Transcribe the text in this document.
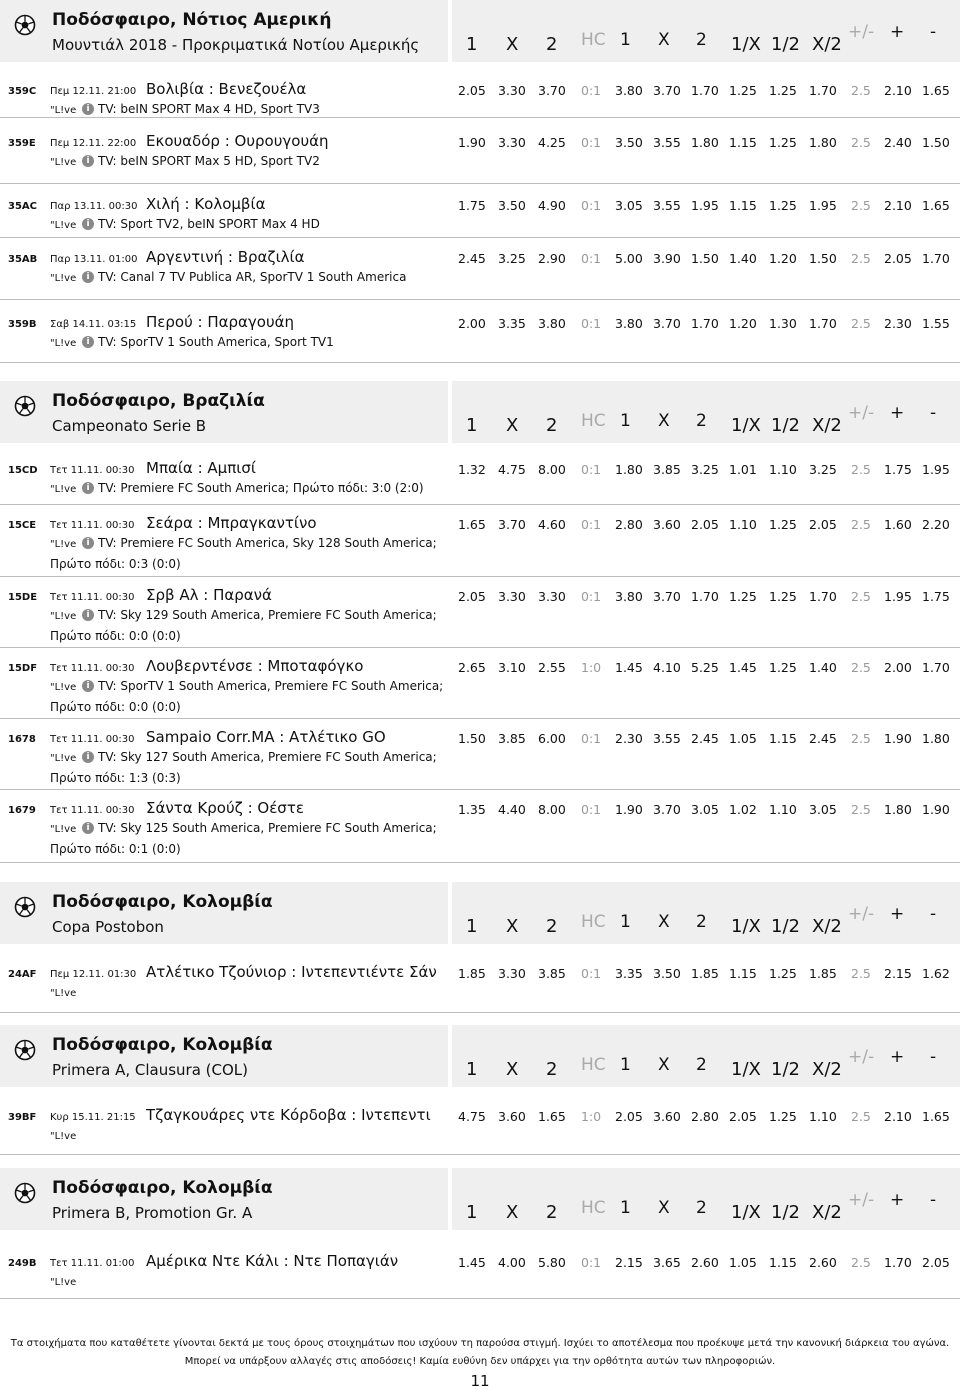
Ποδόσφαιρο, Νότιος Αμερική
Μουντιάλ 2018 - Προκριματικά Νοτίου Αμερικής	1 X 2 HC 1 X 2 1/X 1/2 X/2
+/- + -
359C Πεμ 12.11. 21:00 Βολιβία : Βενεζουέλα
"L!ve	i TV: beIN SPORT Max 4 HD, Sport TV3
2.05 3.30 3.70 0:1 3.80 3.70 1.70 1.25 1.25 1.70 2.5 2.10 1.65
359E Πεμ 12.11. 22:00 Εκουαδόρ : Ουρουγουάη
"L!ve	i TV: beIN SPORT Max 5 HD, Sport TV2
1.90 3.30 4.25 0:1 3.50 3.55 1.80 1.15 1.25 1.80 2.5 2.40 1.50
35AC Παρ 13.11. 00:30 Χιλή : Κολομβία
"L!ve	i TV: Sport TV2, beIN SPORT Max 4 HD
1.75 3.50 4.90 0:1 3.05 3.55 1.95 1.15 1.25 1.95 2.5 2.10 1.65
35AB Παρ 13.11. 01:00 Αργεντινή : Βραζιλία
"L!ve	i TV: Canal 7 TV Publica AR, SporTV 1 South America
2.45 3.25 2.90 0:1 5.00 3.90 1.50 1.40 1.20 1.50 2.5 2.05 1.70
359B Σαβ 14.11. 03:15 Περού : Παραγουάη
"L!ve	i TV: SporTV 1 South America, Sport TV1
2.00 3.35 3.80 0:1 3.80 3.70 1.70 1.20 1.30 1.70 2.5 2.30 1.55
Ποδόσφαιρο, Βραζιλία
Campeonato Serie B	1 X 2 HC 1 X 2 1/X 1/2 X/2
+/- + -
15CD Τετ 11.11. 00:30 Μπαία : Αμπισί
"L!ve	i TV: Premiere FC South America; Πρώτο πόδι: 3:0 (2:0)
1.32 4.75 8.00 0:1 1.80 3.85 3.25 1.01 1.10 3.25 2.5 1.75 1.95
15CE Τετ 11.11. 00:30 Σεάρα : Μπραγκαντίνο
"L!ve	i TV: Premiere FC South America, Sky 128 South America;
Πρώτο πόδι: 0:3 (0:0)
1.65 3.70 4.60 0:1 2.80 3.60 2.05 1.10 1.25 2.05 2.5 1.60 2.20
15DE Τετ 11.11. 00:30 Σρβ Αλ : Παρανά
"L!ve	i TV: Sky 129 South America, Premiere FC South America;
Πρώτο πόδι: 0:0 (0:0)
2.05 3.30 3.30 0:1 3.80 3.70 1.70 1.25 1.25 1.70 2.5 1.95 1.75
15DF Τετ 11.11. 00:30 Λουβερντένσε : Μποταφόγκο
"L!ve	i TV: SporTV 1 South America, Premiere FC South America;
Πρώτο πόδι: 0:0 (0:0)
2.65 3.10 2.55 1:0 1.45 4.10 5.25 1.45 1.25 1.40 2.5 2.00 1.70
1678 Τετ 11.11. 00:30 Sampaio Corr.MA : Ατλέτικο GO
"L!ve	i TV: Sky 127 South America, Premiere FC South America;
Πρώτο πόδι: 1:3 (0:3)
1.50 3.85 6.00 0:1 2.30 3.55 2.45 1.05 1.15 2.45 2.5 1.90 1.80
1679 Τετ 11.11. 00:30 Σάντα Κρούζ : Οέστε
"L!ve	i TV: Sky 125 South America, Premiere FC South America;
Πρώτο πόδι: 0:1 (0:0)
1.35 4.40 8.00 0:1 1.90 3.70 3.05 1.02 1.10 3.05 2.5 1.80 1.90
Ποδόσφαιρο, Κολομβία
Copa Postobon	1 X 2 HC 1 X 2 1/X 1/2 X/2
+/- + -
24AF Πεμ 12.11. 01:30 Ατλέτικο Τζούνιορ : Ιντεπεντιέντε Σάν
"L!ve
1.85 3.30 3.85 0:1 3.35 3.50 1.85 1.15 1.25 1.85 2.5 2.15 1.62
Ποδόσφαιρο, Κολομβία
Primera A, Clausura (COL)	1 X 2 HC 1 X 2 1/X 1/2 X/2
+/- + -
39BF Κυρ 15.11. 21:15 Τζαγκουάρες ντε Κόρδοβα : Ιντεπεντι
"L!ve
4.75 3.60 1.65 1:0 2.05 3.60 2.80 2.05 1.25 1.10 2.5 2.10 1.65
Ποδόσφαιρο, Κολομβία
Primera B, Promotion Gr. A	1 X 2 HC 1 X 2 1/X 1/2 X/2
+/- + -
249B Τετ 11.11. 01:00 Αμέρικα Ντε Κάλι : Ντε Ποπαγιάν
"L!ve
1.45 4.00 5.80 0:1 2.15 3.65 2.60 1.05 1.15 2.60 2.5 1.70 2.05
Τα στοιχήματα που καταθέτετε γίνονται δεκτά με τους όρους στοιχημάτων που ισχύουν τη παρούσα στιγμή. Ισχύει το αποτέλεσμα που προέκυψε μετά την κανονική διάρκεια του αγώνα.
Μπορεί να υπάρξουν αλλαγές στις αποδόσεις! Καμία ευθύνη δεν υπάρχει για την ορθότητα αυτών των πληροφοριών.
11
